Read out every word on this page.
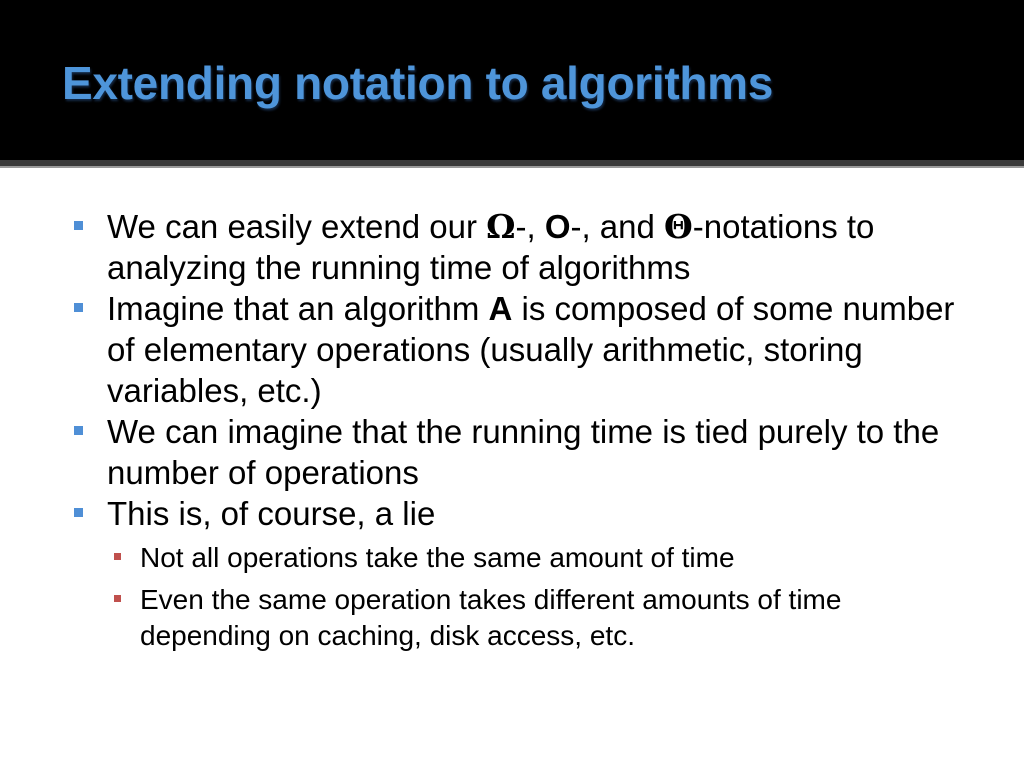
Extending notation to algorithms
We can easily extend our Ω-, O-, and Θ-notations to analyzing the running time of algorithms
Imagine that an algorithm A is composed of some number of elementary operations (usually arithmetic, storing variables, etc.)
We can imagine that the running time is tied purely to the number of operations
This is, of course, a lie
Not all operations take the same amount of time
Even the same operation takes different amounts of time depending on caching, disk access, etc.
